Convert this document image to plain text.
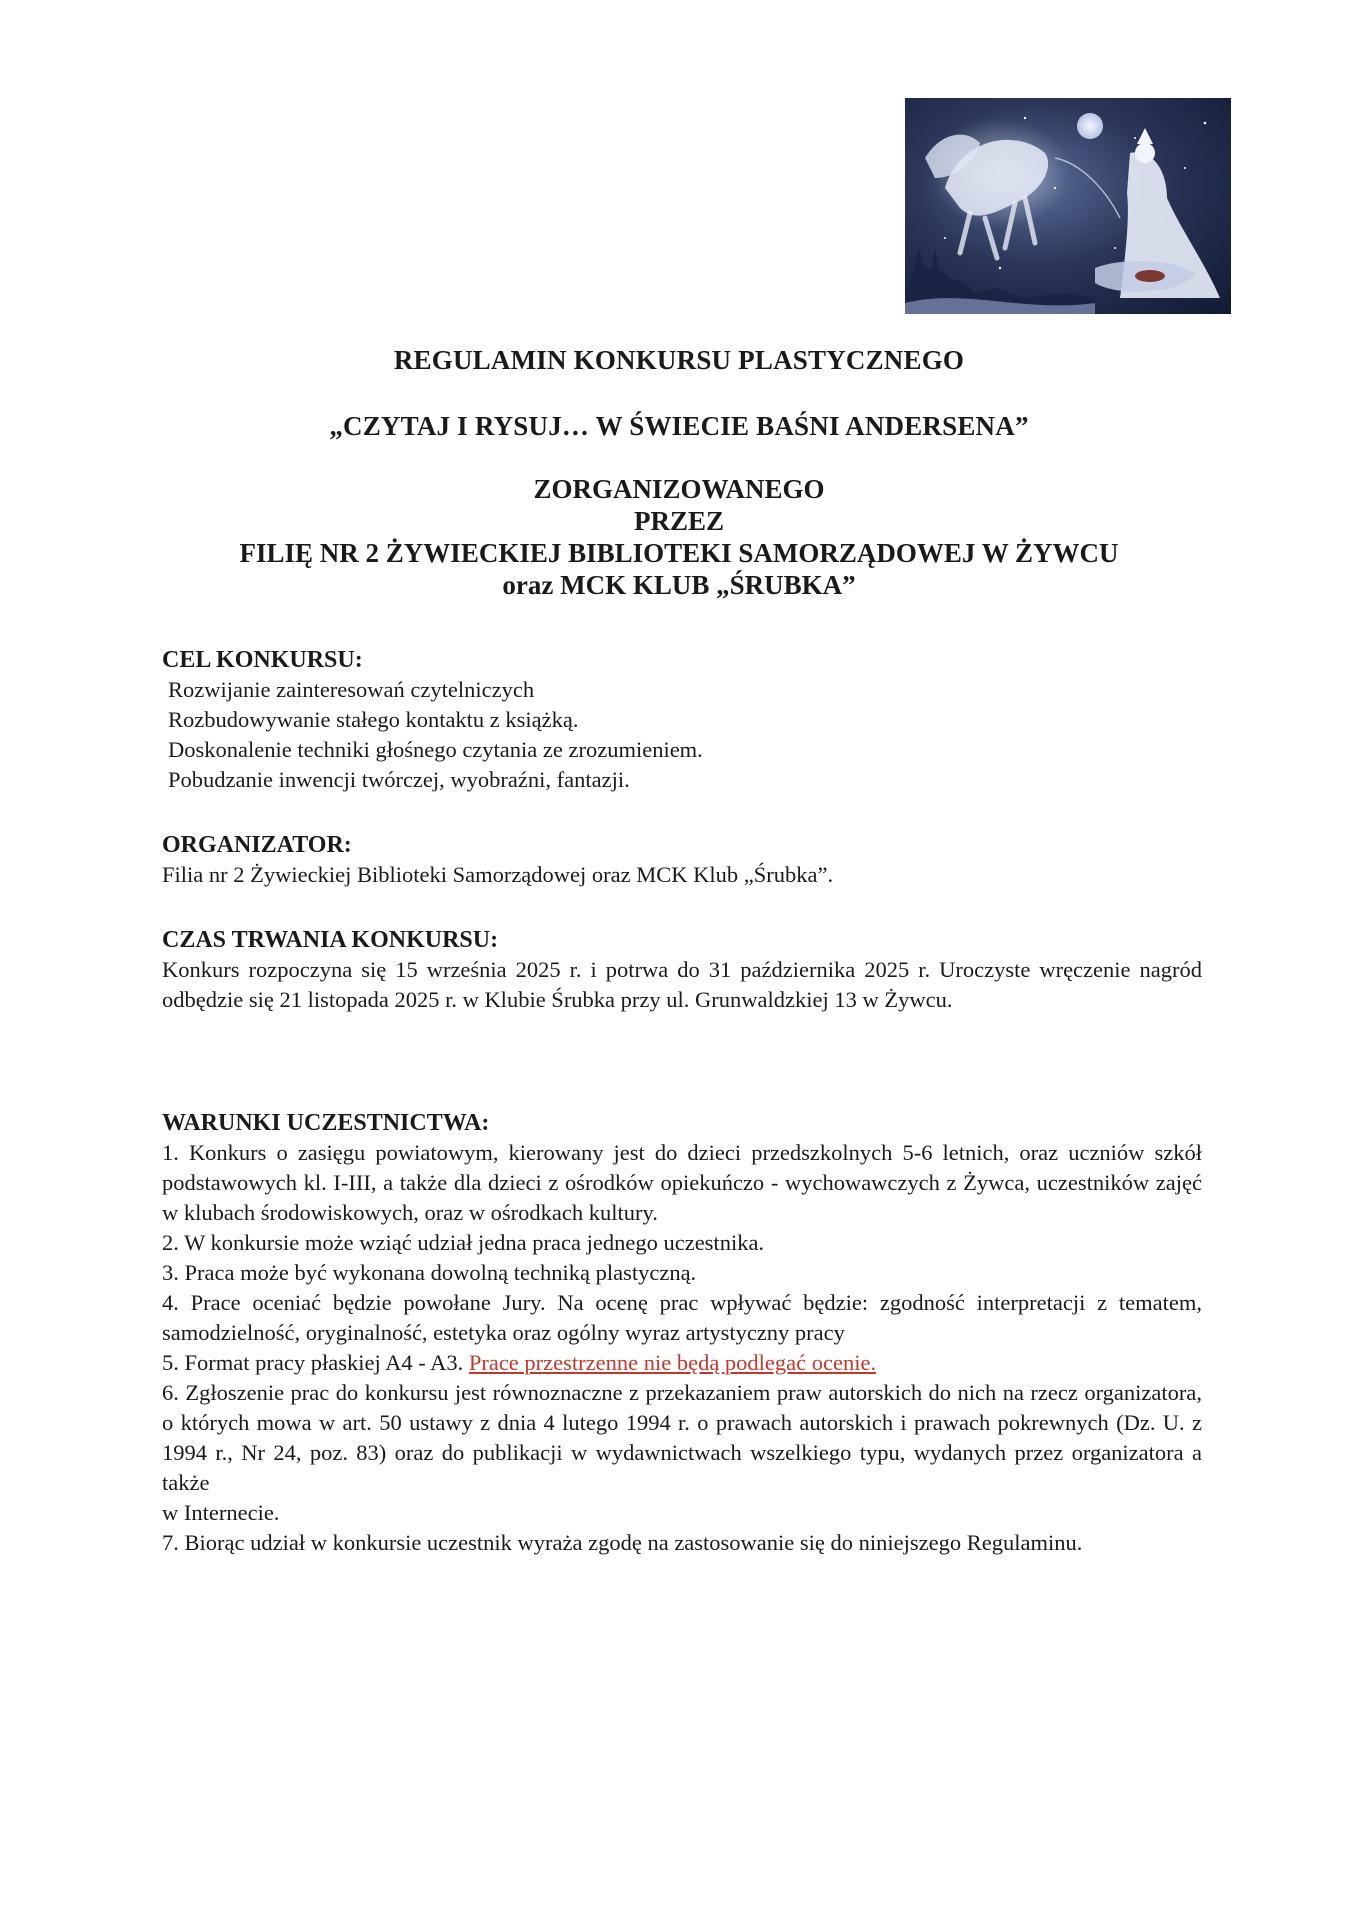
REGULAMIN KONKURSU PLASTYCZNEGO
„CZYTAJ I RYSUJ… W ŚWIECIE BAŚNI ANDERSENA”
ZORGANIZOWANEGO
PRZEZ
FILIĘ NR 2 ŻYWIECKIEJ BIBLIOTEKI SAMORZĄDOWEJ W ŻYWCU
oraz MCK KLUB „ŚRUBKA”
CEL KONKURSU:
Rozwijanie zainteresowań czytelniczych
Rozbudowywanie stałego kontaktu z książką.
Doskonalenie techniki głośnego czytania ze zrozumieniem.
Pobudzanie inwencji twórczej, wyobraźni, fantazji.
ORGANIZATOR:
Filia nr 2 Żywieckiej Biblioteki Samorządowej oraz MCK Klub „Śrubka”.
CZAS TRWANIA KONKURSU:
Konkurs rozpoczyna się 15 września 2025 r. i potrwa do 31 października 2025 r. Uroczyste wręczenie nagród odbędzie się 21 listopada 2025 r. w Klubie Śrubka przy ul. Grunwaldzkiej 13 w Żywcu.
WARUNKI UCZESTNICTWA:

1. Konkurs o zasięgu powiatowym, kierowany jest do dzieci przedszkolnych 5-6 letnich, oraz uczniów szkół podstawowych kl. I-III, a także dla dzieci z ośrodków opiekuńczo - wychowawczych z Żywca, uczestników zajęć w klubach środowiskowych, oraz w ośrodkach kultury.

2. W konkursie może wziąć udział jedna praca jednego uczestnika.

3. Praca może być wykonana dowolną techniką plastyczną.

4. Prace oceniać będzie powołane Jury. Na ocenę prac wpływać będzie: zgodność interpretacji z tematem, samodzielność, oryginalność, estetyka oraz ogólny wyraz artystyczny pracy

5. Format pracy płaskiej A4 - A3. Prace przestrzenne nie będą podlegać ocenie.

6. Zgłoszenie prac do konkursu jest równoznaczne z przekazaniem praw autorskich do nich na rzecz organizatora, o których mowa w art. 50 ustawy z dnia 4 lutego 1994 r. o prawach autorskich i prawach pokrewnych (Dz. U. z 1994 r., Nr 24, poz. 83) oraz do publikacji w wydawnictwach wszelkiego typu, wydanych przez organizatora a także

w Internecie.

7. Biorąc udział w konkursie uczestnik wyraża zgodę na zastosowanie się do niniejszego Regulaminu.
